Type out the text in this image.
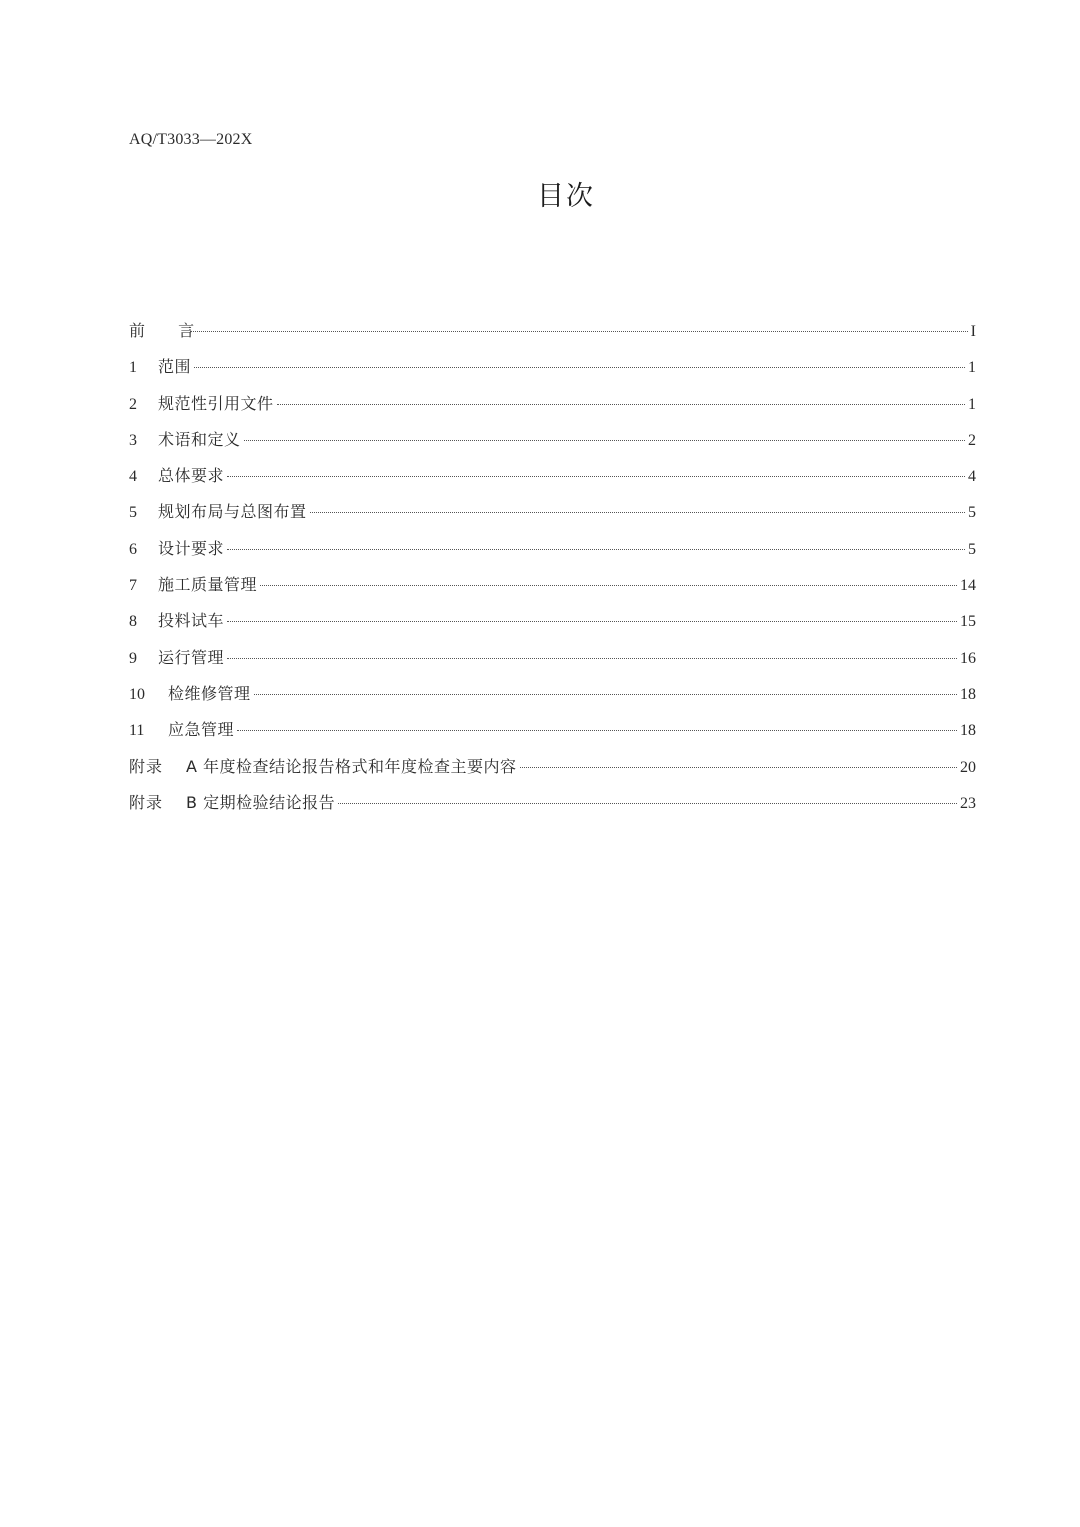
AQ/T3033—202X
目次
前 言	I
1	范围	1
2	规范性引用文件	1
3	术语和定义	2
4	总体要求	4
5	规划布局与总图布置	5
6	设计要求	5
7	施工质量管理	14
8	投料试车	15
9	运行管理	16
10	检维修管理	18
11	应急管理	18
附录	A 年度检查结论报告格式和年度检查主要内容	20
附录	B 定期检验结论报告	23
